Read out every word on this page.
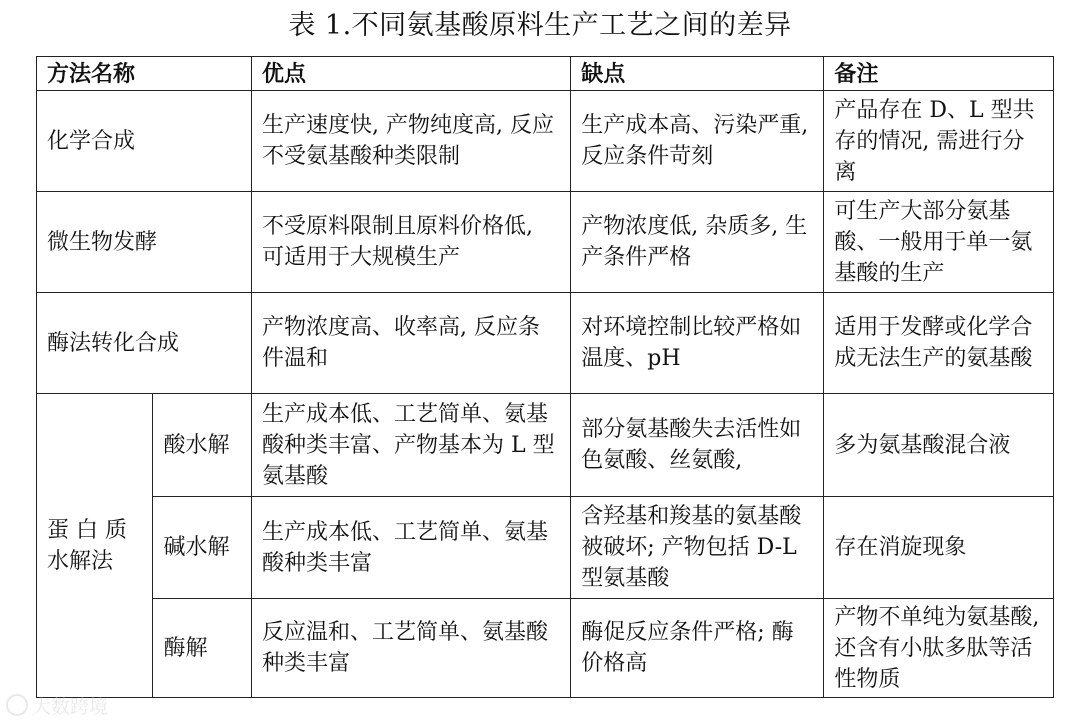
表 1.不同氨基酸原料生产工艺之间的差异
方法名称		优点	缺点	备注
化学合成		生产速度快, 产物纯度高, 反应不受氨基酸种类限制	生产成本高、污染严重, 反应条件苛刻	产品存在 D、L 型共存的情况, 需进行分离
微生物发酵		不受原料限制且原料价格低, 可适用于大规模生产	产物浓度低, 杂质多, 生产条件严格	可生产大部分氨基酸、一般用于单一氨基酸的生产
酶法转化合成		产物浓度高、收率高, 反应条件温和	对环境控制比较严格如温度、pH	适用于发酵或化学合成无法生产的氨基酸
蛋 白 质水解法	酸水解	生产成本低、工艺简单、氨基酸种类丰富、产物基本为 L 型氨基酸	部分氨基酸失去活性如色氨酸、丝氨酸,	多为氨基酸混合液
	碱水解	生产成本低、工艺简单、氨基酸种类丰富	含羟基和羧基的氨基酸被破坏; 产物包括 D-L 型氨基酸	存在消旋现象
	酶解	反应温和、工艺简单、氨基酸种类丰富	酶促反应条件严格; 酶价格高	产物不单纯为氨基酸, 还含有小肽多肽等活性物质
大数跨境
